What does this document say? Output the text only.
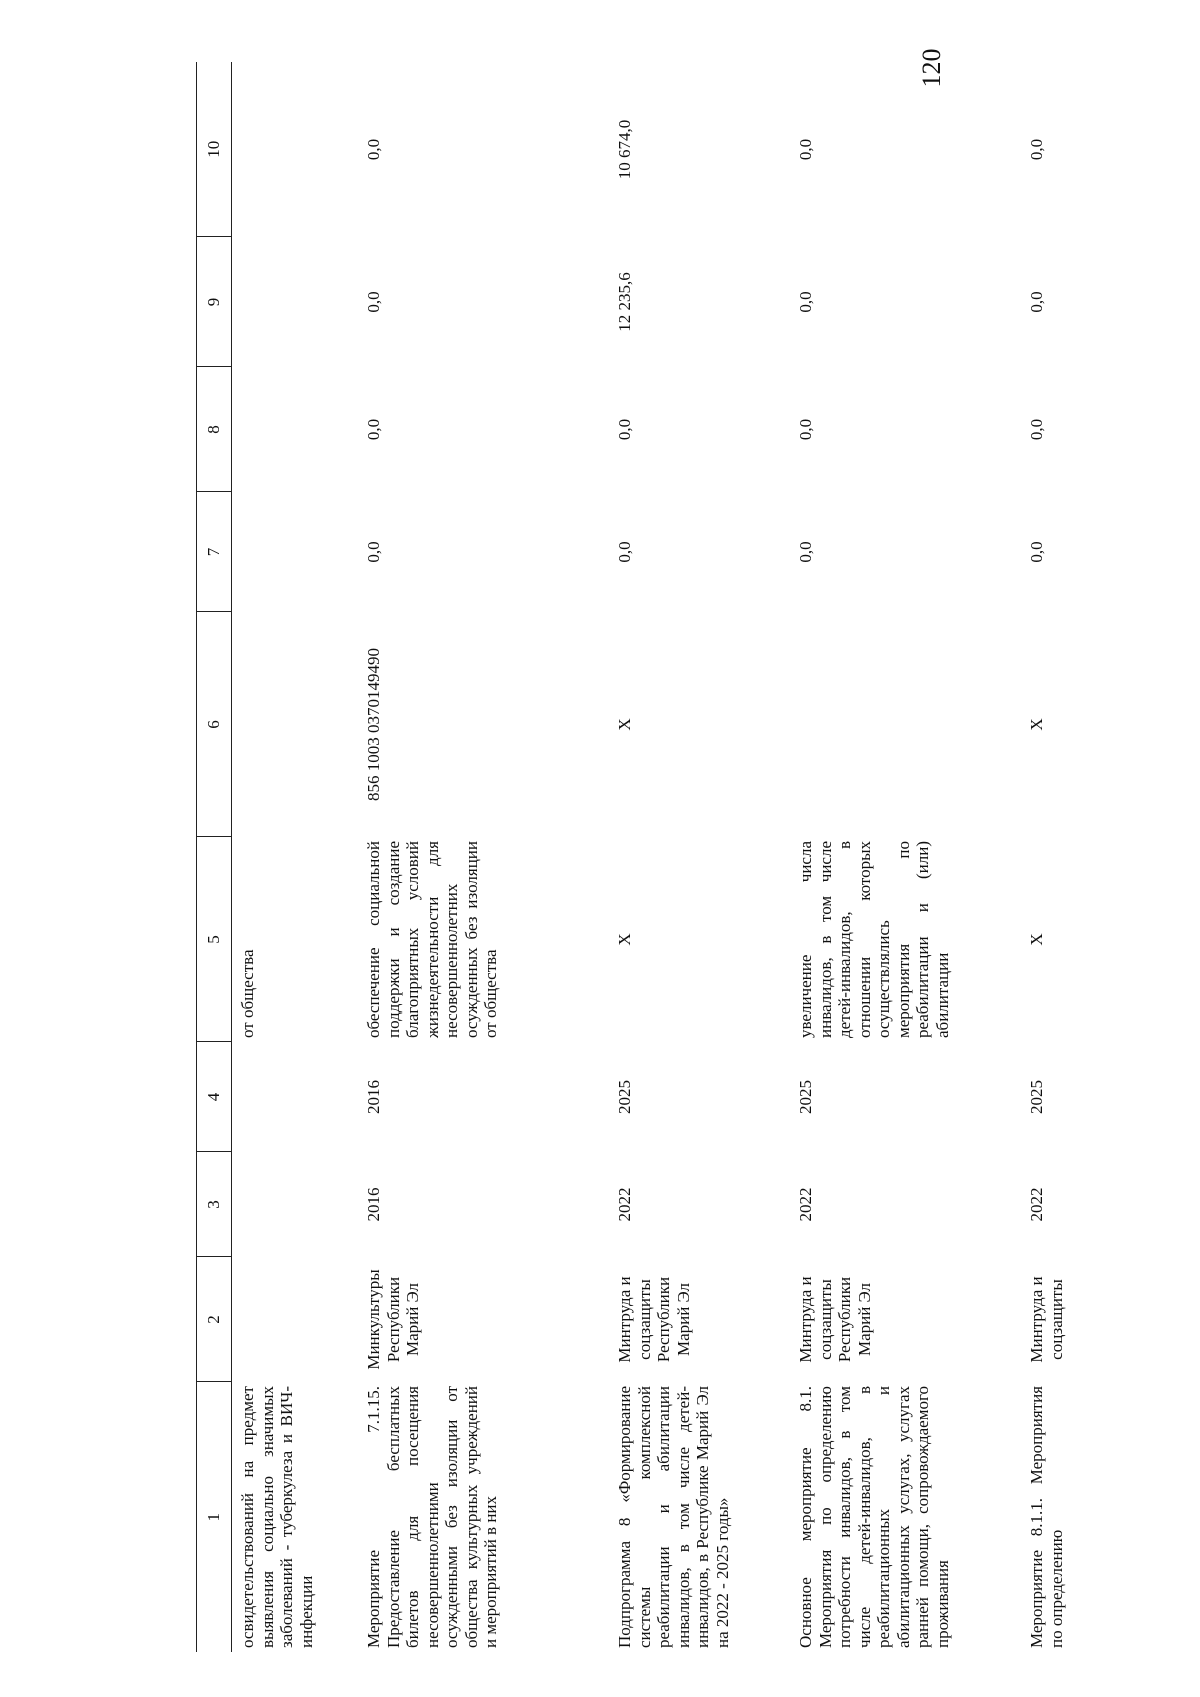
120
1	2	3	4	5	6	7	8	9	10
освидетельствований на предмет выявления социально значимых заболеваний - туберкулеза и ВИЧ-инфекции				от общества					
Мероприятие 7.1.15. Предоставление бесплатных билетов для посещения несовершеннолетними осужденными без изоляции от общества культурных учреждений и мероприятий в них	Минкультуры Республики Марий Эл	2016	2016	обеспечение социальной поддержки и создание благоприятных условий жизнедеятельности для несовершеннолетних осужденных без изоляции от общества	856 1003 0370149490	0,0	0,0	0,0	0,0
Подпрограмма 8 «Формирование системы комплексной реабилитации и абилитации инвалидов, в том числе детей-инвалидов, в Республике Марий Эл на 2022 - 2025 годы»	Минтруда и соцзащиты Республики Марий Эл	2022	2025	Х	Х	0,0	0,0	12 235,6	10 674,0
Основное мероприятие 8.1. Мероприятия по определению потребности инвалидов, в том числе детей-инвалидов, в реабилитационных и абилитационных услугах, услугах ранней помощи, сопровождаемого проживания	Минтруда и соцзащиты Республики Марий Эл	2022	2025	увеличение числа инвалидов, в том числе детей-инвалидов, в отношении которых осуществлялись мероприятия по реабилитации и (или) абилитации		0,0	0,0	0,0	0,0
Мероприятие 8.1.1. Мероприятия по определению	Минтруда и соцзащиты	2022	2025	Х	Х	0,0	0,0	0,0	0,0
